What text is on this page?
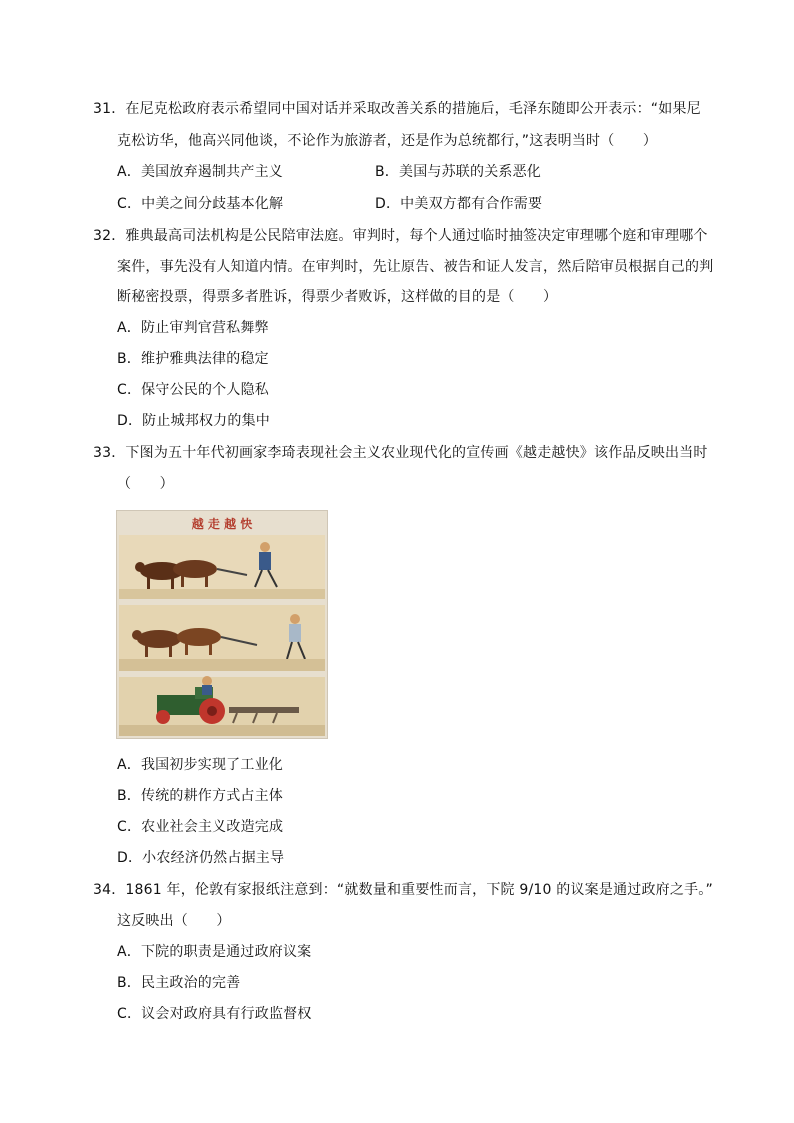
31．在尼克松政府表示希望同中国对话并采取改善关系的措施后，毛泽东随即公开表示：“如果尼
克松访华，他高兴同他谈，不论作为旅游者，还是作为总统都行，”这表明当时（　　）
A．美国放弃遏制共产主义	B．美国与苏联的关系恶化
C．中美之间分歧基本化解	D．中美双方都有合作需要
32．雅典最高司法机构是公民陪审法庭。审判时，每个人通过临时抽签决定审理哪个庭和审理哪个
案件，事先没有人知道内情。在审判时，先让原告、被告和证人发言，然后陪审员根据自己的判
断秘密投票，得票多者胜诉，得票少者败诉，这样做的目的是（　　）
A．防止审判官营私舞弊
B．维护雅典法律的稳定
C．保守公民的个人隐私
D．防止城邦权力的集中
33．下图为五十年代初画家李琦表现社会主义农业现代化的宣传画《越走越快》该作品反映出当时
（　　）
越 走 越 快
A．我国初步实现了工业化
B．传统的耕作方式占主体
C．农业社会主义改造完成
D．小农经济仍然占据主导
34．1861 年，伦敦有家报纸注意到：“就数量和重要性而言，下院 9/10 的议案是通过政府之手。”
这反映出（　　）
A．下院的职责是通过政府议案
B．民主政治的完善
C．议会对政府具有行政监督权
